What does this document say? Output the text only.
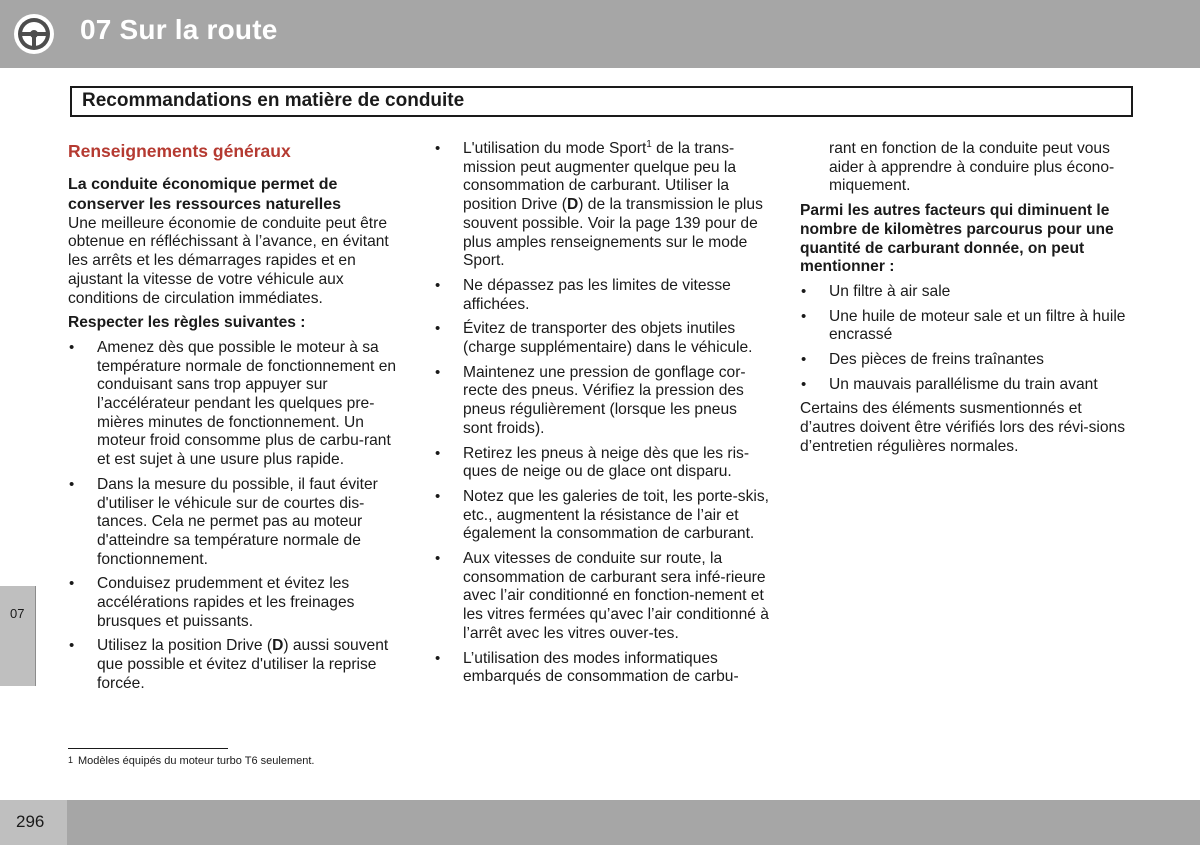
07 Sur la route
Recommandations en matière de conduite
Renseignements généraux
La conduite économique permet de conserver les ressources naturelles

Une meilleure économie de conduite peut être obtenue en réfléchissant à l’avance, en évitant les arrêts et les démarrages rapides et en ajustant la vitesse de votre véhicule aux conditions de circulation immédiates.

Respecter les règles suivantes :

• Amenez dès que possible le moteur à sa température normale de fonctionnement en conduisant sans trop appuyer sur l’accélérateur pendant les quelques pre-mières minutes de fonctionnement. Un moteur froid consomme plus de carbu-rant et est sujet à une usure plus rapide.
• Dans la mesure du possible, il faut éviter d'utiliser le véhicule sur de courtes dis-tances. Cela ne permet pas au moteur d'atteindre sa température normale de fonctionnement.
• Conduisez prudemment et évitez les accélérations rapides et les freinages brusques et puissants.
• Utilisez la position Drive (D) aussi souvent que possible et évitez d'utiliser la reprise forcée.
• L'utilisation du mode Sport$^1$ de la trans-mission peut augmenter quelque peu la consommation de carburant. Utiliser la position Drive (D) de la transmission le plus souvent possible. Voir la page 139 pour de plus amples renseignements sur le mode Sport.
• Ne dépassez pas les limites de vitesse affichées.
• Évitez de transporter des objets inutiles (charge supplémentaire) dans le véhicule.
• Maintenez une pression de gonflage cor-recte des pneus. Vérifiez la pression des pneus régulièrement (lorsque les pneus sont froids).
• Retirez les pneus à neige dès que les ris-ques de neige ou de glace ont disparu.
• Notez que les galeries de toit, les porte-skis, etc., augmentent la résistance de l’air et également la consommation de carburant.
• Aux vitesses de conduite sur route, la consommation de carburant sera infé-rieure avec l’air conditionné en fonction-nement et les vitres fermées qu’avec l’air conditionné à l’arrêt avec les vitres ouver-tes.
• L’utilisation des modes informatiques embarqués de consommation de carbu-
rant en fonction de la conduite peut vous aider à apprendre à conduire plus écono-miquement.

Parmi les autres facteurs qui diminuent le nombre de kilomètres parcourus pour une quantité de carburant donnée, on peut mentionner :

• Un filtre à air sale
• Une huile de moteur sale et un filtre à huile encrassé
• Des pièces de freins traînantes
• Un mauvais parallélisme du train avant

Certains des éléments susmentionnés et d’autres doivent être vérifiés lors des révi-sions d’entretien régulières normales.

07
$^1$ Modèles équipés du moteur turbo T6 seulement.
296
